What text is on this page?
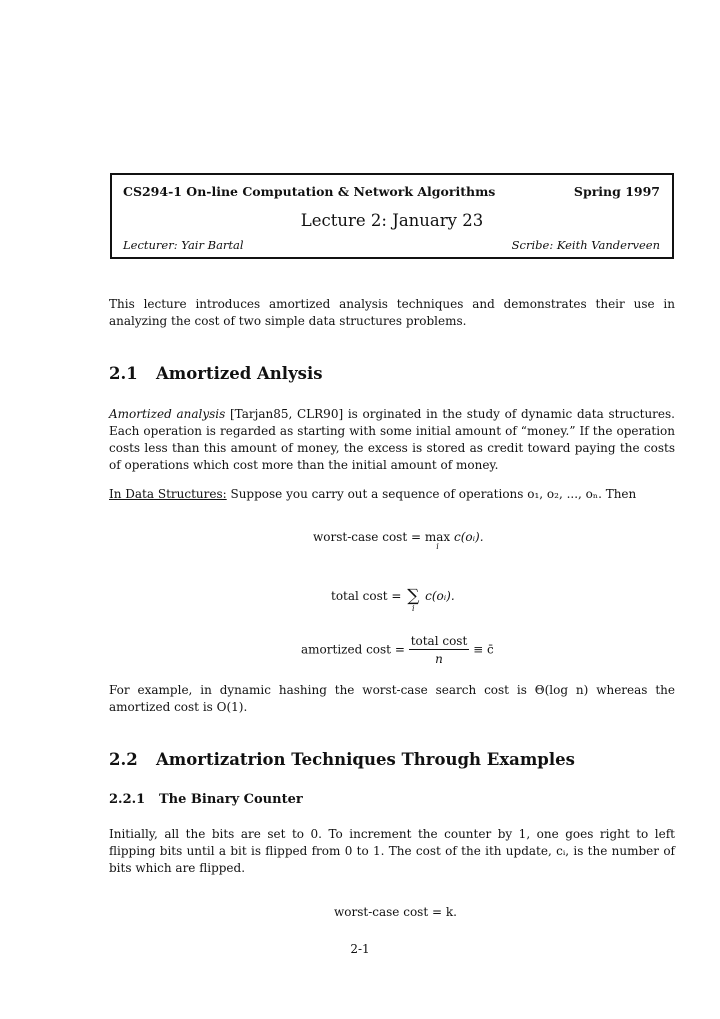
CS294-1 On-line Computation & Network Algorithms	Spring 1997
Lecture 2: January 23
Lecturer: Yair Bartal	Scribe: Keith Vanderveen
This lecture introduces amortized analysis techniques and demonstrates their use in analyzing the cost of two simple data structures problems.
2.1 Amortized Anlysis
Amortized analysis [Tarjan85, CLR90] is orginated in the study of dynamic data structures. Each operation is regarded as starting with some initial amount of “money.” If the operation costs less than this amount of money, the excess is stored as credit toward paying the costs of operations which cost more than the initial amount of money.
In Data Structures: Suppose you carry out a sequence of operations o₁, o₂, ..., oₙ. Then
worst-case cost = max
i
c(oᵢ).
total cost = ∑
i
c(oᵢ).
amortized $\cos t = \frac{\text{total cost}}{n}$ ≡ c̄
For example, in dynamic hashing the worst-case search cost is Θ(log n) whereas the amortized cost is O(1).
2.2 Amortizatrion Techniques Through Examples
2.2.1 The Binary Counter
Initially, all the bits are set to 0. To increment the counter by 1, one goes right to left flipping bits until a bit is flipped from 0 to 1. The cost of the ith update, cᵢ, is the number of bits which are flipped.
worst-case cost = k.
2-1
